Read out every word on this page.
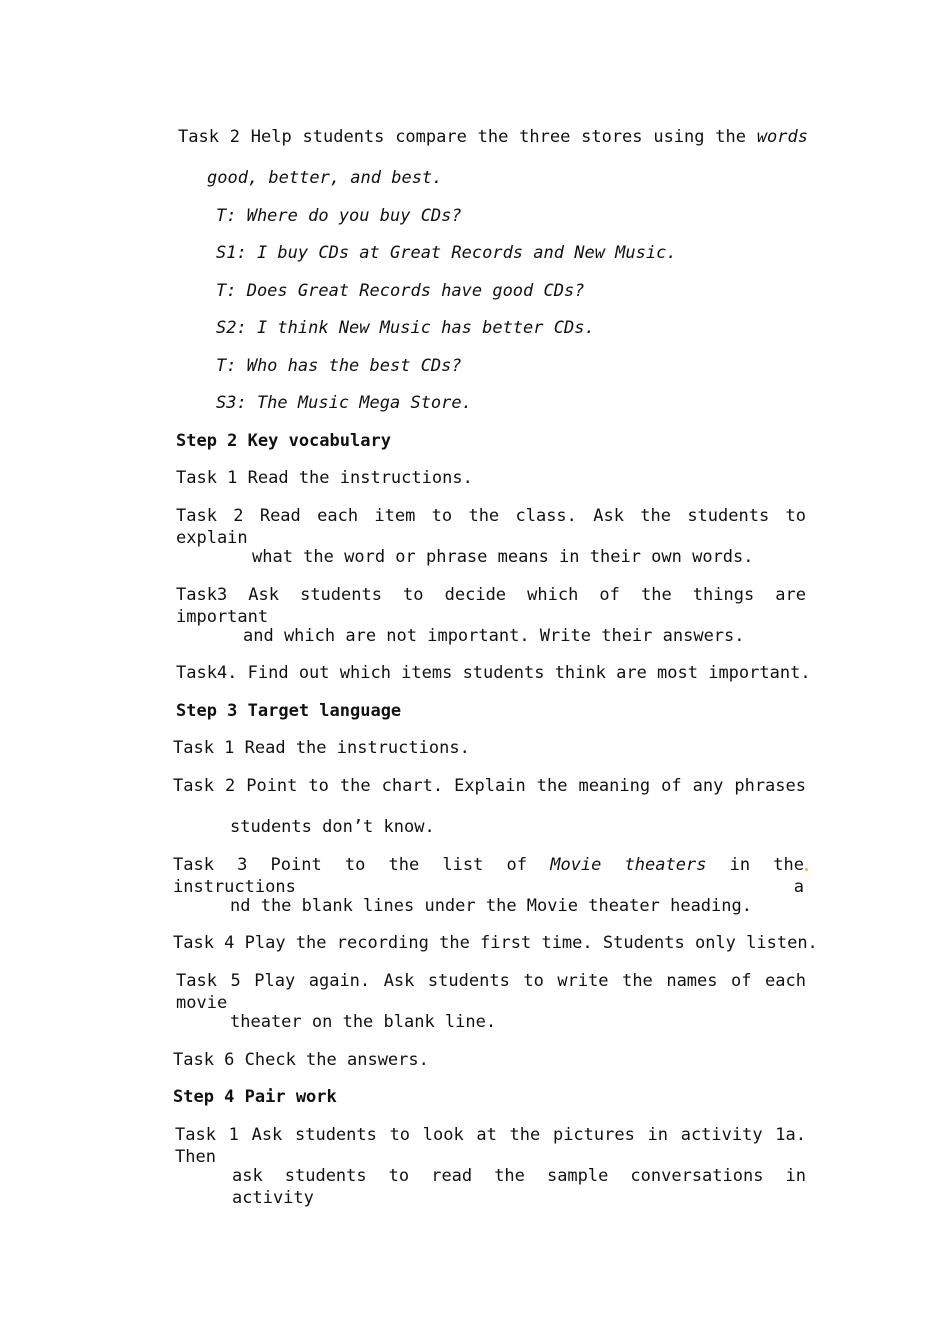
Task 2 Help students compare the three stores using the words

good, better, and best.

T: Where do you buy CDs?

S1: I buy CDs at Great Records and New Music.

T: Does Great Records have good CDs?

S2: I think New Music has better CDs.

T: Who has the best CDs?

S3: The Music Mega Store.

Step 2 Key vocabulary

Task 1 Read the instructions.

Task 2 Read each item to the class. Ask the students to explain

what the word or phrase means in their own words.

Task3 Ask students to decide which of the things are important

and which are not important. Write their answers.

Task4. Find out which items students think are most important.

Step 3 Target language

Task 1 Read the instructions.

Task 2 Point to the chart. Explain the meaning of any phrases

students don’t know.

Task 3 Point to the list of Movie theaters in the instructions a

nd the blank lines under the Movie theater heading.

Task 4 Play the recording the first time. Students only listen.

Task 5 Play again. Ask students to write the names of each movie

theater on the blank line.

Task 6 Check the answers.

Step 4 Pair work

Task 1 Ask students to look at the pictures in activity 1a. Then

ask students to read the sample conversations in activity
